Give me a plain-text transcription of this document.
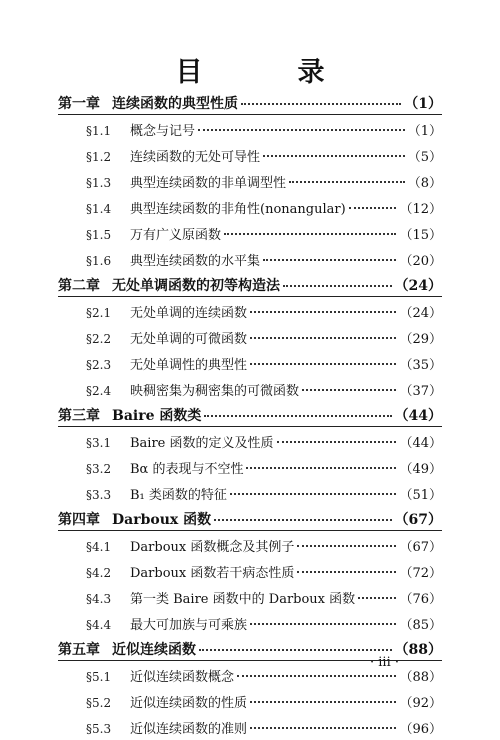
目　录
· iii ·
第一章 连续函数的典型性质	（1）
§1.1 概念与记号	（1）
§1.2 连续函数的无处可导性	（5）
§1.3 典型连续函数的非单调型性	（8）
§1.4 典型连续函数的非角性(nonangular)	（12）
§1.5 万有广义原函数	（15）
§1.6 典型连续函数的水平集	（20）
第二章 无处单调函数的初等构造法	（24）
§2.1 无处单调的连续函数	（24）
§2.2 无处单调的可微函数	（29）
§2.3 无处单调性的典型性	（35）
§2.4 映稠密集为稠密集的可微函数	（37）
第三章 Baire 函数类	（44）
§3.1 Baire 函数的定义及性质	（44）
§3.2 Bα 的表现与不空性	（49）
§3.3 B₁ 类函数的特征	（51）
第四章 Darboux 函数	（67）
§4.1 Darboux 函数概念及其例子	（67）
§4.2 Darboux 函数若干病态性质	（72）
§4.3 第一类 Baire 函数中的 Darboux 函数	（76）
§4.4 最大可加族与可乘族	（85）
第五章 近似连续函数	（88）
§5.1 近似连续函数概念	（88）
§5.2 近似连续函数的性质	（92）
§5.3 近似连续函数的准则	（96）
